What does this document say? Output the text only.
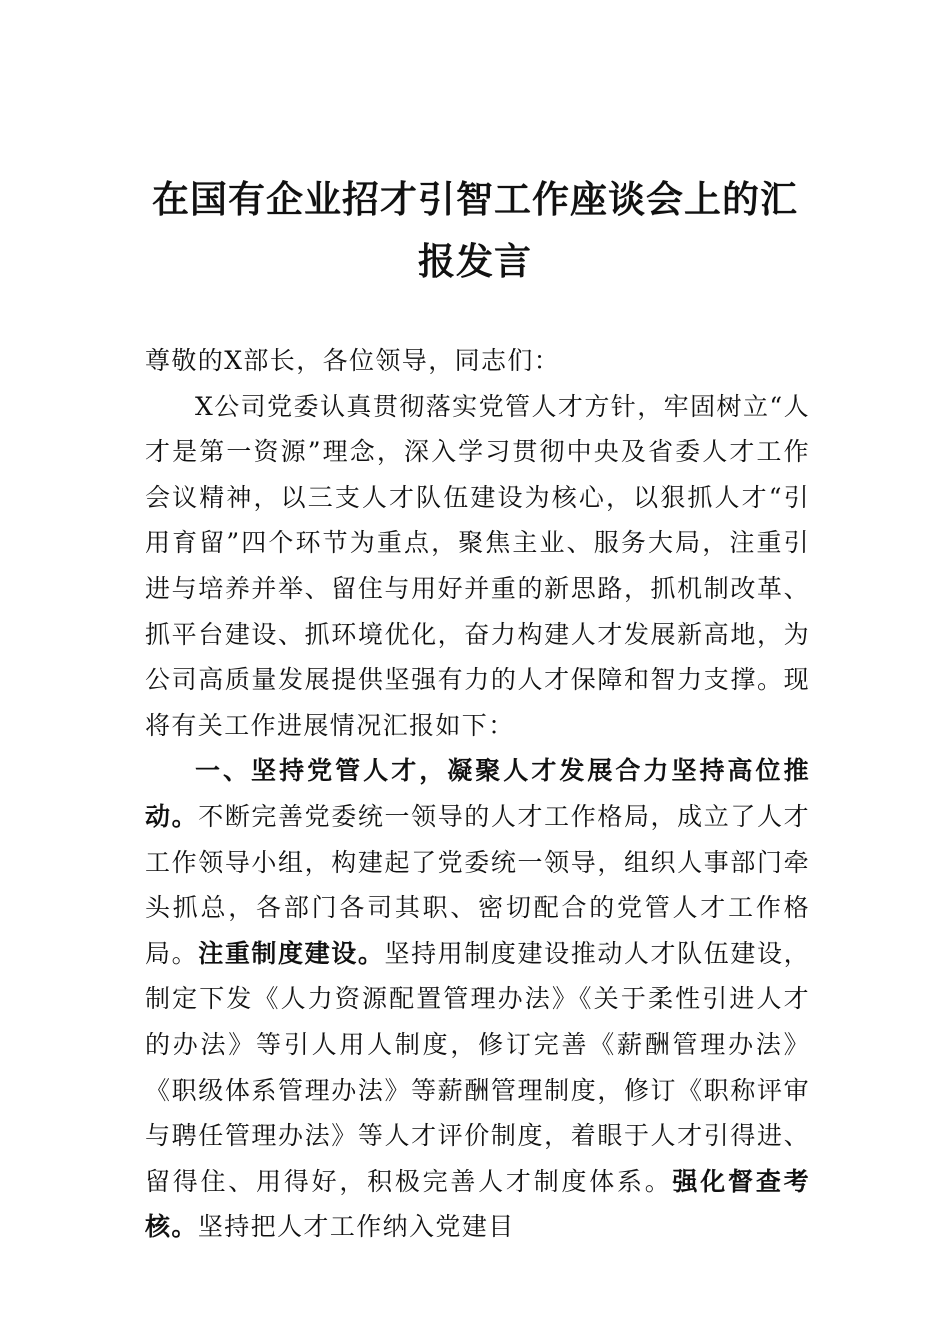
在国有企业招才引智工作座谈会上的汇报发言

尊敬的X部长，各位领导，同志们：

X公司党委认真贯彻落实党管人才方针，牢固树立“人才是第一资源”理念，深入学习贯彻中央及省委人才工作会议精神，以三支人才队伍建设为核心，以狠抓人才“引用育留”四个环节为重点，聚焦主业、服务大局，注重引进与培养并举、留住与用好并重的新思路，抓机制改革、抓平台建设、抓环境优化，奋力构建人才发展新高地，为公司高质量发展提供坚强有力的人才保障和智力支撑。现将有关工作进展情况汇报如下：

一、坚持党管人才，凝聚人才发展合力坚持高位推动。不断完善党委统一领导的人才工作格局，成立了人才工作领导小组，构建起了党委统一领导，组织人事部门牵头抓总，各部门各司其职、密切配合的党管人才工作格局。注重制度建设。坚持用制度建设推动人才队伍建设，制定下发《人力资源配置管理办法》《关于柔性引进人才的办法》等引人用人制度，修订完善《薪酬管理办法》《职级体系管理办法》等薪酬管理制度，修订《职称评审与聘任管理办法》等人才评价制度，着眼于人才引得进、留得住、用得好，积极完善人才制度体系。强化督查考核。坚持把人才工作纳入党建目
